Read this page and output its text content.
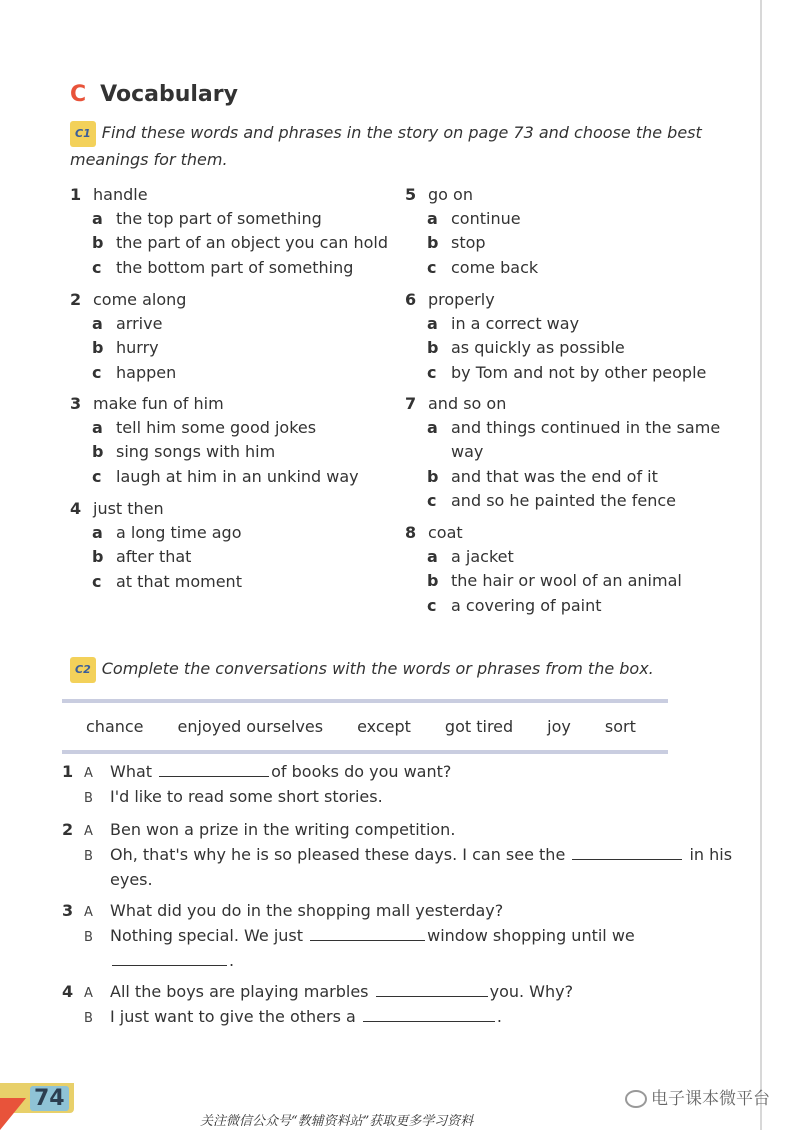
C Vocabulary
C1 Find these words and phrases in the story on page 73 and choose the best meanings for them.
1 handle
a the top part of something
b the part of an object you can hold
c the bottom part of something
2 come along
a arrive
b hurry
c happen
3 make fun of him
a tell him some good jokes
b sing songs with him
c laugh at him in an unkind way
4 just then
a a long time ago
b after that
c at that moment
5 go on
a continue
b stop
c come back
6 properly
a in a correct way
b as quickly as possible
c by Tom and not by other people
7 and so on
a and things continued in the same
way
b and that was the end of it
c and so he painted the fence
8 coat
a a jacket
b the hair or wool of an animal
c a covering of paint
C2 Complete the conversations with the words or phrases from the box.
chance enjoyed ourselves except got tired joy sort
1 A What	of books do you want?
B I'd like to read some short stories.
2 A Ben won a prize in the writing competition.
B Oh, that's why he is so pleased these days. I can see the	in his
eyes.
3 A What did you do in the shopping mall yesterday?
B Nothing special. We just	window shopping until we
.
4 A All the boys are playing marbles	you. Why?
B I just want to give the others a	.
74	电子课本微平台
关注微信公众号“教辅资料站”获取更多学习资料
